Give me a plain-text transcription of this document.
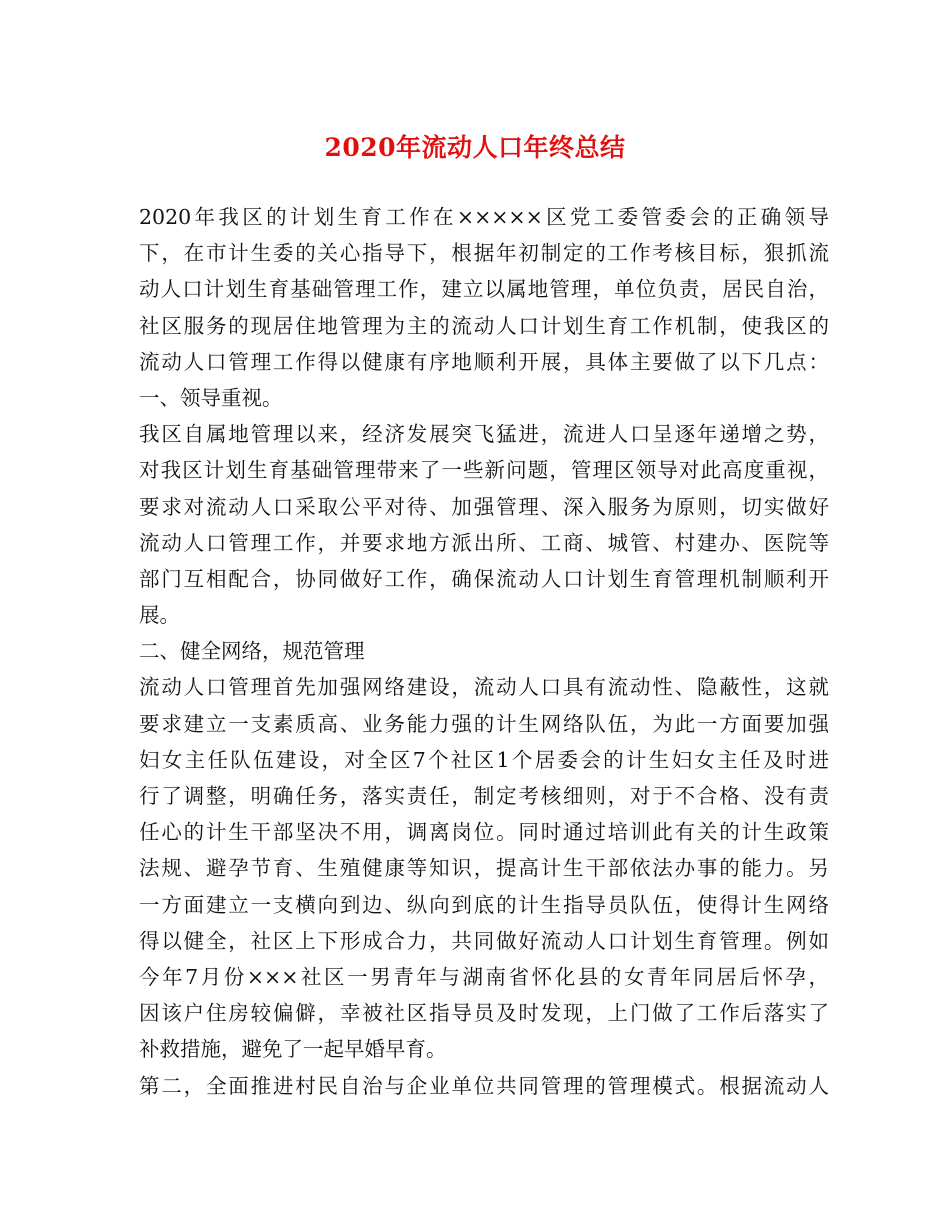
2020年流动人口年终总结
2020年我区的计划生育工作在×××××区党工委管委会的正确领导
下，在市计生委的关心指导下，根据年初制定的工作考核目标，狠抓流
动人口计划生育基础管理工作，建立以属地管理，单位负责，居民自治，
社区服务的现居住地管理为主的流动人口计划生育工作机制，使我区的
流动人口管理工作得以健康有序地顺利开展，具体主要做了以下几点：
一、领导重视。
我区自属地管理以来，经济发展突飞猛进，流进人口呈逐年递增之势，
对我区计划生育基础管理带来了一些新问题，管理区领导对此高度重视，
要求对流动人口采取公平对待、加强管理、深入服务为原则，切实做好
流动人口管理工作，并要求地方派出所、工商、城管、村建办、医院等
部门互相配合，协同做好工作，确保流动人口计划生育管理机制顺利开
展。
二、健全网络，规范管理
流动人口管理首先加强网络建设，流动人口具有流动性、隐蔽性，这就
要求建立一支素质高、业务能力强的计生网络队伍，为此一方面要加强
妇女主任队伍建设，对全区7个社区1个居委会的计生妇女主任及时进
行了调整，明确任务，落实责任，制定考核细则，对于不合格、没有责
任心的计生干部坚决不用，调离岗位。同时通过培训此有关的计生政策
法规、避孕节育、生殖健康等知识，提高计生干部依法办事的能力。另
一方面建立一支横向到边、纵向到底的计生指导员队伍，使得计生网络
得以健全，社区上下形成合力，共同做好流动人口计划生育管理。例如
今年7月份×××社区一男青年与湖南省怀化县的女青年同居后怀孕，
因该户住房较偏僻，幸被社区指导员及时发现，上门做了工作后落实了
补救措施，避免了一起早婚早育。
第二，全面推进村民自治与企业单位共同管理的管理模式。根据流动人
